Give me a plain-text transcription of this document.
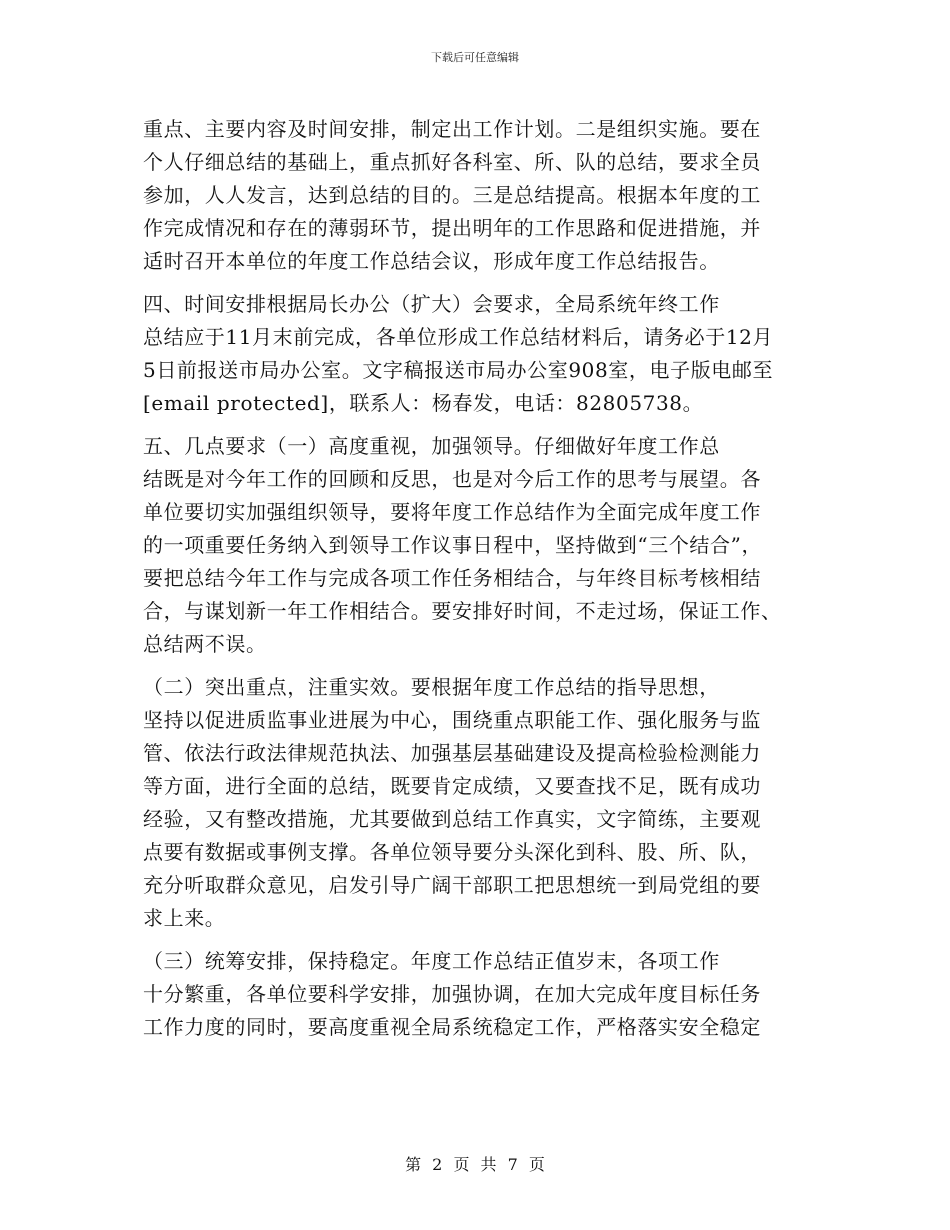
下载后可任意编辑
重点、主要内容及时间安排，制定出工作计划。二是组织实施。要在
个人仔细总结的基础上，重点抓好各科室、所、队的总结，要求全员
参加，人人发言，达到总结的目的。三是总结提高。根据本年度的工
作完成情况和存在的薄弱环节，提出明年的工作思路和促进措施，并
适时召开本单位的年度工作总结会议，形成年度工作总结报告。
四、时间安排根据局长办公（扩大）会要求，全局系统年终工作
总结应于11月末前完成，各单位形成工作总结材料后，请务必于12月
5日前报送市局办公室。文字稿报送市局办公室908室，电子版电邮至
[email protected]，联系人：杨春发，电话：82805738。
五、几点要求（一）高度重视，加强领导。仔细做好年度工作总
结既是对今年工作的回顾和反思，也是对今后工作的思考与展望。各
单位要切实加强组织领导，要将年度工作总结作为全面完成年度工作
的一项重要任务纳入到领导工作议事日程中，坚持做到“三个结合”，
要把总结今年工作与完成各项工作任务相结合，与年终目标考核相结
合，与谋划新一年工作相结合。要安排好时间，不走过场，保证工作、
总结两不误。
（二）突出重点，注重实效。要根据年度工作总结的指导思想，
坚持以促进质监事业进展为中心，围绕重点职能工作、强化服务与监
管、依法行政法律规范执法、加强基层基础建设及提高检验检测能力
等方面，进行全面的总结，既要肯定成绩，又要查找不足，既有成功
经验，又有整改措施，尤其要做到总结工作真实，文字简练，主要观
点要有数据或事例支撑。各单位领导要分头深化到科、股、所、队，
充分听取群众意见，启发引导广阔干部职工把思想统一到局党组的要
求上来。
（三）统筹安排，保持稳定。年度工作总结正值岁末，各项工作
十分繁重，各单位要科学安排，加强协调，在加大完成年度目标任务
工作力度的同时，要高度重视全局系统稳定工作，严格落实安全稳定
第 2 页 共 7 页
